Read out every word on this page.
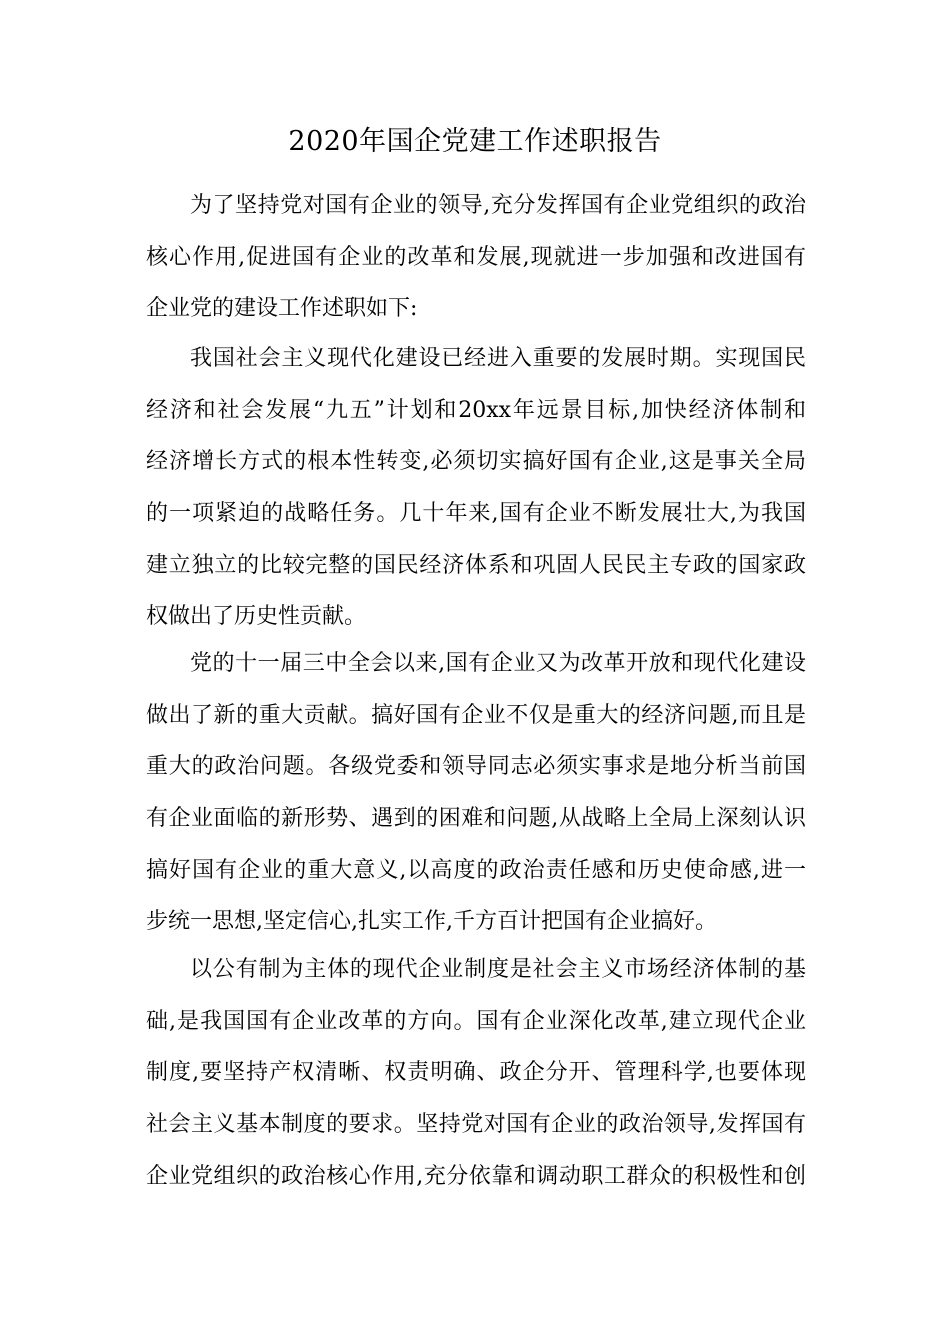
2020年国企党建工作述职报告
为了坚持党对国有企业的领导,充分发挥国有企业党组织的政治
核心作用,促进国有企业的改革和发展,现就进一步加强和改进国有
企业党的建设工作述职如下:
我国社会主义现代化建设已经进入重要的发展时期。实现国民
经济和社会发展“九五”计划和20xx年远景目标,加快经济体制和
经济增长方式的根本性转变,必须切实搞好国有企业,这是事关全局
的一项紧迫的战略任务。几十年来,国有企业不断发展壮大,为我国
建立独立的比较完整的国民经济体系和巩固人民民主专政的国家政
权做出了历史性贡献。
党的十一届三中全会以来,国有企业又为改革开放和现代化建设
做出了新的重大贡献。搞好国有企业不仅是重大的经济问题,而且是
重大的政治问题。各级党委和领导同志必须实事求是地分析当前国
有企业面临的新形势、遇到的困难和问题,从战略上全局上深刻认识
搞好国有企业的重大意义,以高度的政治责任感和历史使命感,进一
步统一思想,坚定信心,扎实工作,千方百计把国有企业搞好。
以公有制为主体的现代企业制度是社会主义市场经济体制的基
础,是我国国有企业改革的方向。国有企业深化改革,建立现代企业
制度,要坚持产权清晰、权责明确、政企分开、管理科学,也要体现
社会主义基本制度的要求。坚持党对国有企业的政治领导,发挥国有
企业党组织的政治核心作用,充分依靠和调动职工群众的积极性和创
